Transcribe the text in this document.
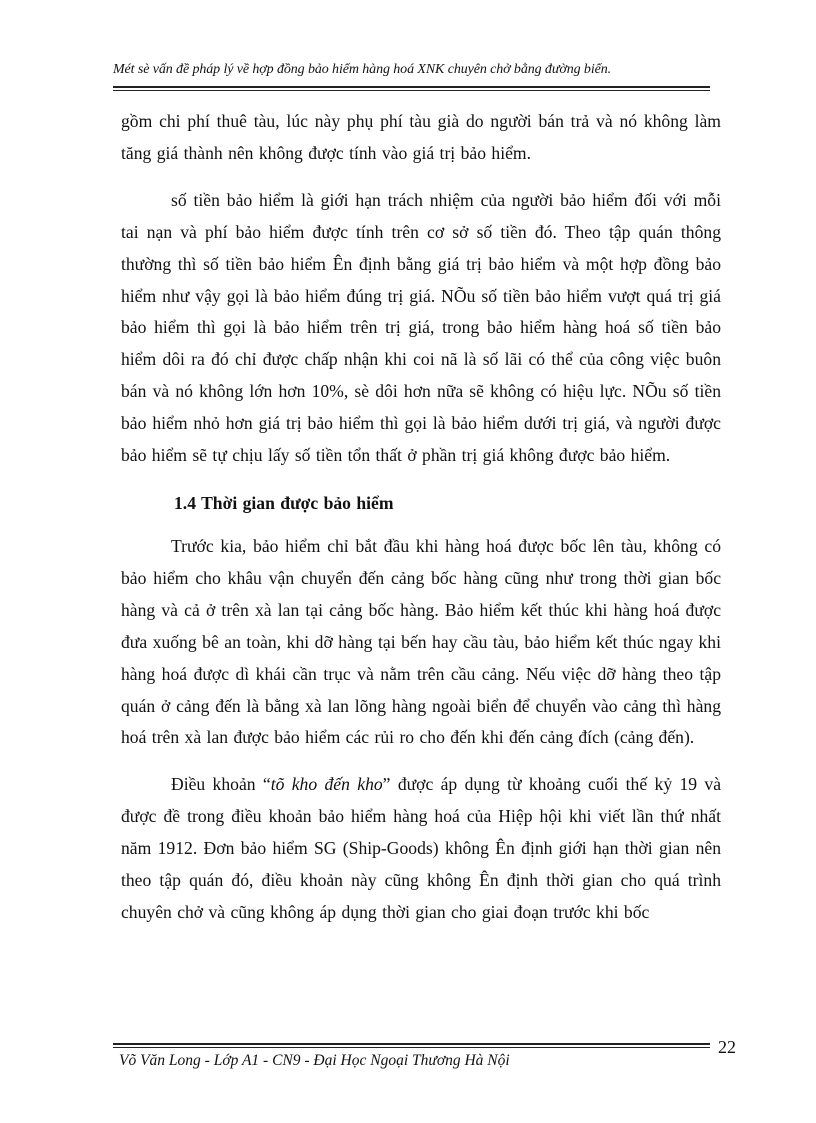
Mét sè vấn đề pháp lý về hợp đồng bảo hiểm hàng hoá XNK chuyên chở bằng đường biển.

gồm chi phí thuê tàu, lúc này phụ phí tàu già do người bán trả và nó không làm tăng giá thành nên không được tính vào giá trị bảo hiểm.

số tiền bảo hiểm là giới hạn trách nhiệm của người bảo hiểm đối với mỗi tai nạn và phí bảo hiểm được tính trên cơ sở số tiền đó. Theo tập quán thông thường thì số tiền bảo hiểm Ên định bằng giá trị bảo hiểm và một hợp đồng bảo hiểm như vậy gọi là bảo hiểm đúng trị giá. NÕu số tiền bảo hiểm vượt quá trị giá bảo hiểm thì gọi là bảo hiểm trên trị giá, trong bảo hiểm hàng hoá số tiền bảo hiểm dôi ra đó chỉ được chấp nhận khi coi nã là số lãi có thể của công việc buôn bán và nó không lớn hơn 10%, sè dôi hơn nữa sẽ không có hiệu lực. NÕu số tiền bảo hiểm nhỏ hơn giá trị bảo hiểm thì gọi là bảo hiểm dưới trị giá, và người được bảo hiểm sẽ tự chịu lấy số tiền tổn thất ở phần trị giá không được bảo hiểm.

1.4 Thời gian được bảo hiểm

Trước kia, bảo hiểm chỉ bắt đầu khi hàng hoá được bốc lên tàu, không có bảo hiểm cho khâu vận chuyển đến cảng bốc hàng cũng như trong thời gian bốc hàng và cả ở trên xà lan tại cảng bốc hàng. Bảo hiểm kết thúc khi hàng hoá được đưa xuống bê an toàn, khi dỡ hàng tại bến hay cầu tàu, bảo hiểm kết thúc ngay khi hàng hoá được dì khái cần trục và nằm trên cầu cảng. Nếu việc dỡ hàng theo tập quán ở cảng đến là bằng xà lan lõng hàng ngoài biển để chuyển vào cảng thì hàng hoá trên xà lan được bảo hiểm các rủi ro cho đến khi đến cảng đích (cảng đến).

Điều khoản “tõ kho đến kho” được áp dụng từ khoảng cuối thế kỷ 19 và được đề trong điều khoản bảo hiểm hàng hoá của Hiệp hội khi viết lần thứ nhất năm 1912. Đơn bảo hiểm SG (Ship-Goods) không Ên định giới hạn thời gian nên theo tập quán đó, điều khoản này cũng không Ên định thời gian cho quá trình chuyên chở và cũng không áp dụng thời gian cho giai đoạn trước khi bốc

22
Võ Văn Long - Lớp A1 - CN9 - Đại Học Ngoại Thương Hà Nội
